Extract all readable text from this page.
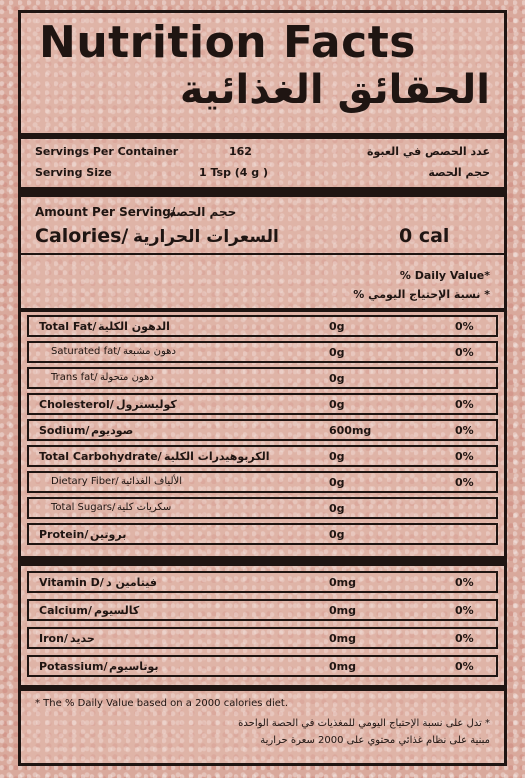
Nutrition Facts
الحقائق الغذائية
Servings Per Container	162	عدد الحصص في العبوة
Serving Size	1 Tsp (4 g )	حجم الحصة
Amount Per Serving/
حجم الحصة
Calories/ السعرات الحرارية	0 cal
% Daily Value*
* نسبة الإحتياج اليومي %
Total Fat/ الدهون الكلية	0g	0%
Saturated fat/ دهون مشبعة	0g	0%
Trans fat/ دهون متحولة	0g
Cholesterol/ كوليسترول	0g	0%
Sodium/ صوديوم	600mg	0%
Total Carbohydrate/ الكربوهيدرات الكلية	0g	0%
Dietary Fiber/ الألياف الغذائية	0g	0%
Total Sugars/ سكريات كلية	0g
Protein/ بروتين	0g
Vitamin D/ فيتامين د	0mg	0%
Calcium/ كالسيوم	0mg	0%
Iron/ حديد	0mg	0%
Potassium/ بوتاسيوم	0mg	0%
* The % Daily Value based on a 2000 calories diet.
* تدل على نسبة الإحتياج اليومي للمغذيات في الحصة الواحدة
مبنية على نظام غذائي محتوي على 2000 سعرة حرارية
